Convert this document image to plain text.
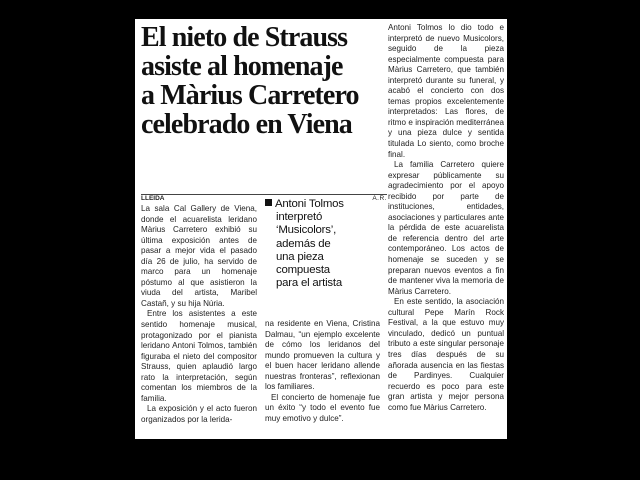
El nieto de Strauss
asiste al homenaje
a Màrius Carretero
celebrado en Viena
LLEIDA	A.R.

La sala Cal Gallery de Viena, donde el acuarelista leridano Màrius Carretero exhibió su última exposición antes de pasar a mejor vida el pasado día 26 de julio, ha servido de marco para un homenaje póstumo al que asistieron la viuda del artista, Maribel Castañ, y su hija Núria.

Entre los asistentes a este sentido homenaje musical, protagonizado por el pianista leridano Antoni Tolmos, también figuraba el nieto del compositor Strauss, quien aplaudió largo rato la interpretación, según comentan los miembros de la familia.

La exposición y el acto fueron organizados por la lerida-

Antoni Tolmos
interpretó
‘Musicolors’,
además de
una pieza
compuesta
para el artista

na residente en Viena, Cristina Dalmau, “un ejemplo excelente de cómo los leridanos del mundo promueven la cultura y el buen hacer leridano allende nuestras fronteras”, reflexionan los familiares.

El concierto de homenaje fue un éxito “y todo el evento fue muy emotivo y dulce”.

Antoni Tolmos lo dio todo e interpretó de nuevo Musicolors, seguido de la pieza especialmente compuesta para Màrius Carretero, que también interpretó durante su funeral, y acabó el concierto con dos temas propios excelentemente interpretados: Las flores, de ritmo e inspiración mediterránea y una pieza dulce y sentida titulada Lo siento, como broche final.

La familia Carretero quiere expresar públicamente su agradecimiento por el apoyo recibido por parte de instituciones, entidades, asociaciones y particulares ante la pérdida de este acuarelista de referencia dentro del arte contemporáneo. Los actos de homenaje se suceden y se preparan nuevos eventos a fin de mantener viva la memoria de Màrius Carretero.

En este sentido, la asociación cultural Pepe Marín Rock Festival, a la que estuvo muy vinculado, dedicó un puntual tributo a este singular personaje tres días después de su añorada ausencia en las fiestas de Pardinyes. Cualquier recuerdo es poco para este gran artista y mejor persona como fue Màrius Carretero.
